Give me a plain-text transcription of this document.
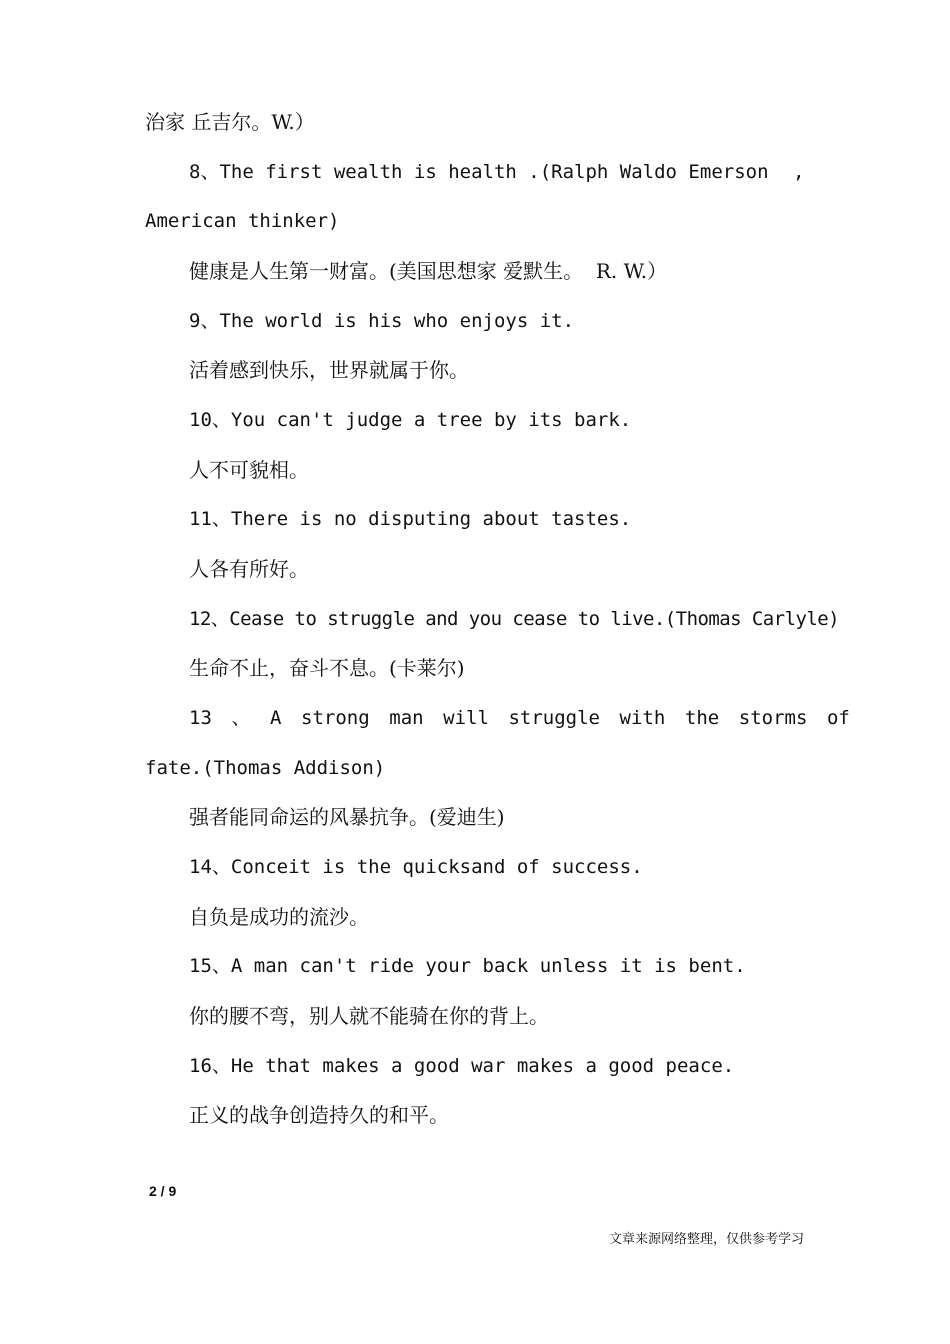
治家 丘吉尔。W.）
8、The first wealth is health .(Ralph Waldo Emerson ,
American thinker)
健康是人生第一财富。(美国思想家 爱默生。  R. W.）
9、The world is his who enjoys it.
活着感到快乐，世界就属于你。
10、You can't judge a tree by its bark.
人不可貌相。
11、There is no disputing about tastes.
人各有所好。
12、Cease to struggle and you cease to live.(Thomas Carlyle)
生命不止，奋斗不息。(卡莱尔)
13 、 A strong man will struggle with the storms of
fate.(Thomas Addison)
强者能同命运的风暴抗争。(爱迪生)
14、Conceit is the quicksand of success.
自负是成功的流沙。
15、A man can't ride your back unless it is bent.
你的腰不弯，别人就不能骑在你的背上。
16、He that makes a good war makes a good peace.
正义的战争创造持久的和平。
2 / 9
文章来源网络整理，仅供参考学习
